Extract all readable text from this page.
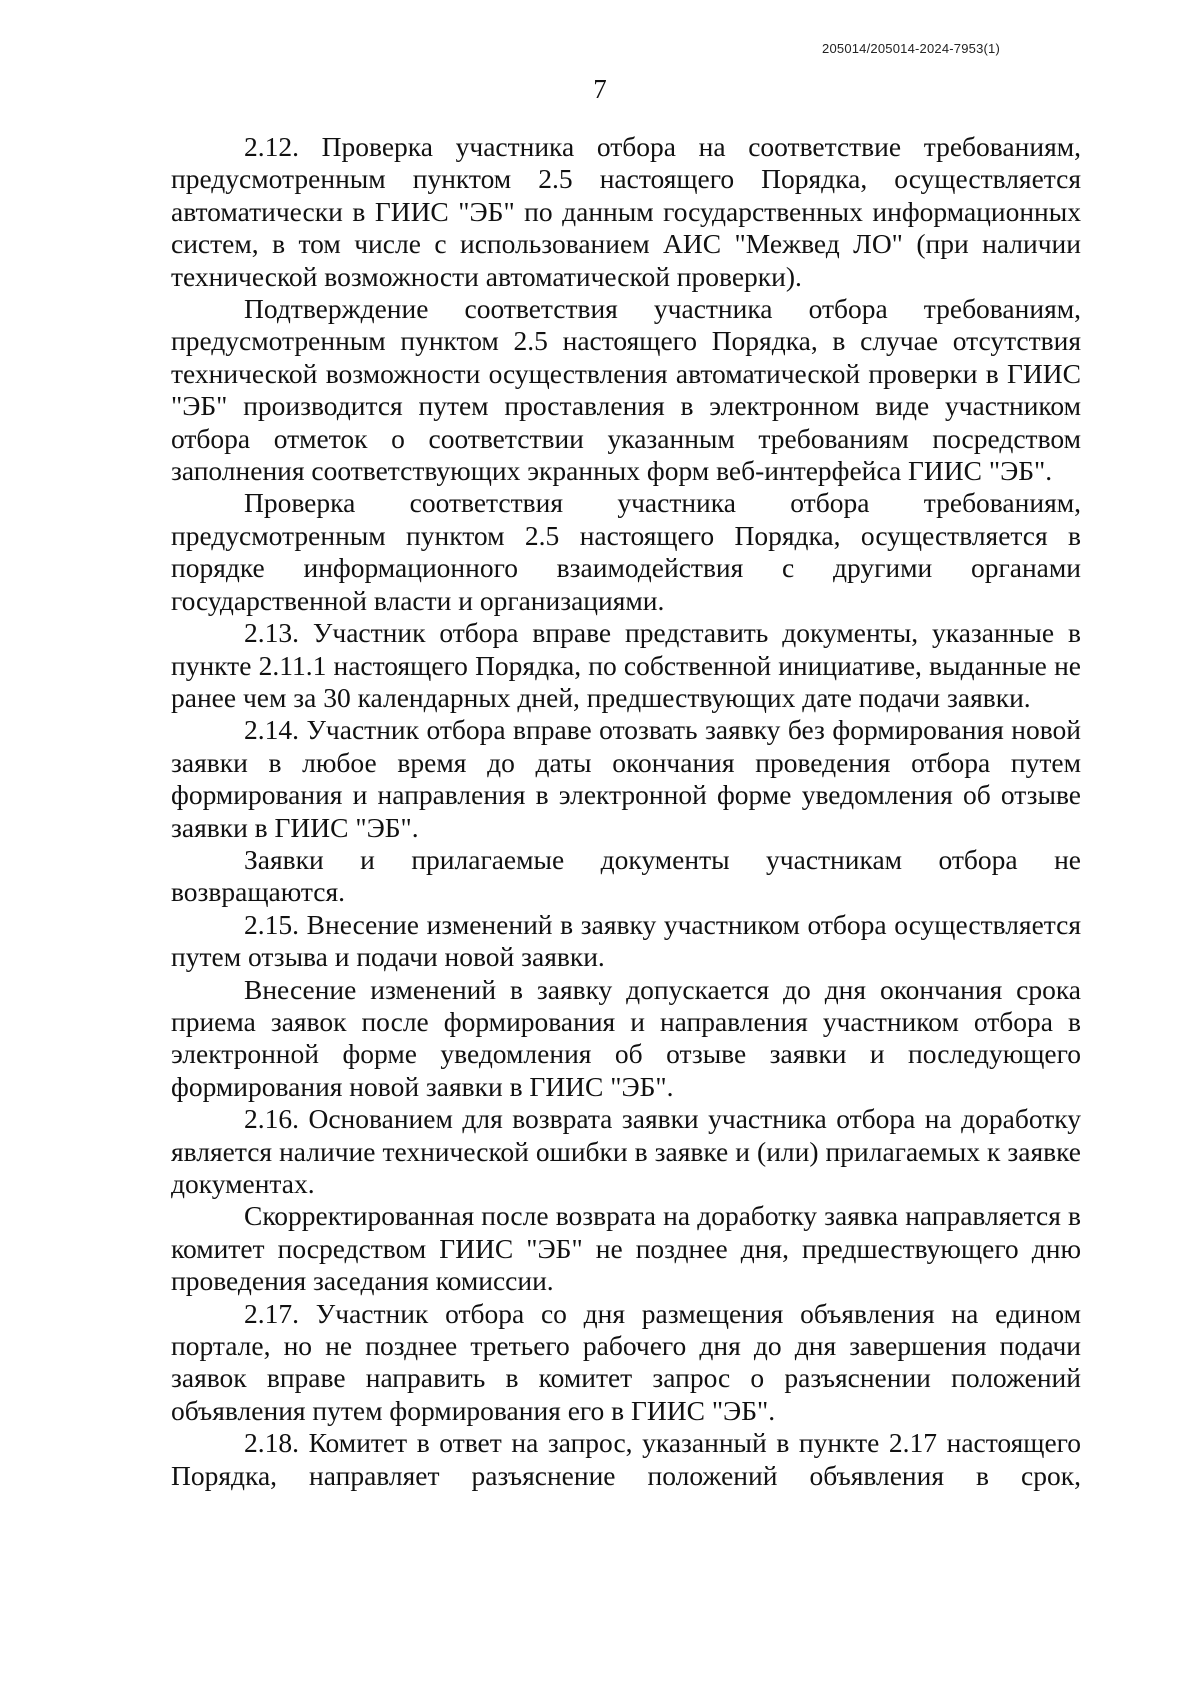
205014/205014-2024-7953(1)
7

2.12. Проверка участника отбора на соответствие требованиям, предусмотренным пунктом 2.5 настоящего Порядка, осуществляется автоматически в ГИИС "ЭБ" по данным государственных информационных систем, в том числе с использованием АИС "Межвед ЛО" (при наличии технической возможности автоматической проверки).

Подтверждение соответствия участника отбора требованиям, предусмотренным пунктом 2.5 настоящего Порядка, в случае отсутствия технической возможности осуществления автоматической проверки в ГИИС "ЭБ" производится путем проставления в электронном виде участником отбора отметок о соответствии указанным требованиям посредством заполнения соответствующих экранных форм веб-интерфейса ГИИС "ЭБ".

Проверка соответствия участника отбора требованиям, предусмотренным пунктом 2.5 настоящего Порядка, осуществляется в порядке информационного взаимодействия с другими органами государственной власти и организациями.

2.13. Участник отбора вправе представить документы, указанные в пункте 2.11.1 настоящего Порядка, по собственной инициативе, выданные не ранее чем за 30 календарных дней, предшествующих дате подачи заявки.

2.14. Участник отбора вправе отозвать заявку без формирования новой заявки в любое время до даты окончания проведения отбора путем формирования и направления в электронной форме уведомления об отзыве заявки в ГИИС "ЭБ".

Заявки и прилагаемые документы участникам отбора не возвращаются.

2.15. Внесение изменений в заявку участником отбора осуществляется путем отзыва и подачи новой заявки.

Внесение изменений в заявку допускается до дня окончания срока приема заявок после формирования и направления участником отбора в электронной форме уведомления об отзыве заявки и последующего формирования новой заявки в ГИИС "ЭБ".

2.16. Основанием для возврата заявки участника отбора на доработку является наличие технической ошибки в заявке и (или) прилагаемых к заявке документах.

Скорректированная после возврата на доработку заявка направляется в комитет посредством ГИИС "ЭБ" не позднее дня, предшествующего дню проведения заседания комиссии.

2.17. Участник отбора со дня размещения объявления на едином портале, но не позднее третьего рабочего дня до дня завершения подачи заявок вправе направить в комитет запрос о разъяснении положений объявления путем формирования его в ГИИС "ЭБ".

2.18. Комитет в ответ на запрос, указанный в пункте 2.17 настоящего Порядка, направляет разъяснение положений объявления в срок,
